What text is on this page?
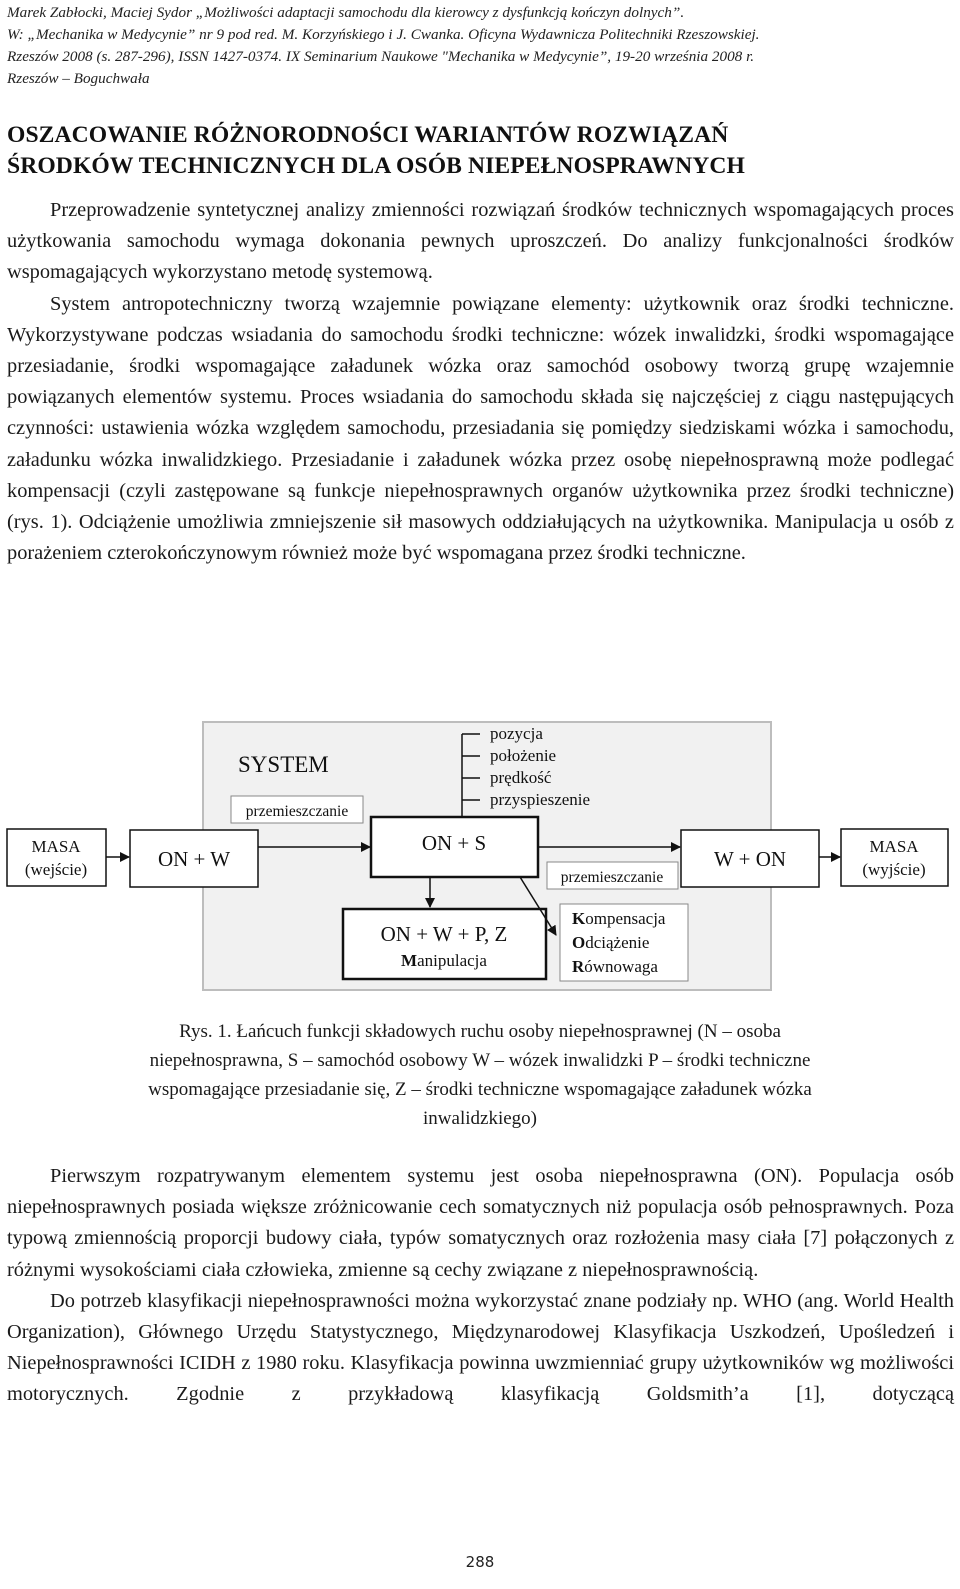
Marek Zabłocki, Maciej Sydor „Możliwości adaptacji samochodu dla kierowcy z dysfunkcją kończyn dolnych”.
W: „Mechanika w Medycynie” nr 9 pod red. M. Korzyńskiego i J. Cwanka. Oficyna Wydawnicza Politechniki Rzeszowskiej.
Rzeszów 2008 (s. 287-296), ISSN 1427-0374. IX Seminarium Naukowe "Mechanika w Medycynie”, 19-20 września 2008 r.
Rzeszów – Boguchwała
OSZACOWANIE RÓŻNORODNOŚCI WARIANTÓW ROZWIĄZAŃ
ŚRODKÓW TECHNICZNYCH DLA OSÓB NIEPEŁNOSPRAWNYCH
Przeprowadzenie syntetycznej analizy zmienności rozwiązań środków technicznych wspomagających proces użytkowania samochodu wymaga dokonania pewnych uproszczeń. Do analizy funkcjonalności środków wspomagających wykorzystano metodę systemową.
System antropotechniczny tworzą wzajemnie powiązane elementy: użytkownik oraz środki techniczne. Wykorzystywane podczas wsiadania do samochodu środki techniczne: wózek inwalidzki, środki wspomagające przesiadanie, środki wspomagające załadunek wózka oraz samochód osobowy tworzą grupę wzajemnie powiązanych elementów systemu. Proces wsiadania do samochodu składa się najczęściej z ciągu następujących czynności: ustawienia wózka względem samochodu, przesiadania się pomiędzy siedziskami wózka i samochodu, załadunku wózka inwalidzkiego. Przesiadanie i załadunek wózka przez osobę niepełnosprawną może podlegać kompensacji (czyli zastępowane są funkcje niepełnosprawnych organów użytkownika przez środki techniczne) (rys. 1). Odciążenie umożliwia zmniejszenie sił masowych oddziałujących na użytkownika. Manipulacja u osób z porażeniem czterokończynowym również może być wspomagana przez środki techniczne.
SYSTEM
przemieszczanie
MASA
(wejście)	ON + W
ON + S
W + ON
MASA
(wyjście)
przemieszczanie
pozycja
położenie
prędkość
przyspieszenie
ON + W + P, Z
Manipulacja
Kompensacja
Odciążenie
Równowaga
Rys. 1. Łańcuch funkcji składowych ruchu osoby niepełnosprawnej (N – osoba
niepełnosprawna, S – samochód osobowy W – wózek inwalidzki P – środki techniczne
wspomagające przesiadanie się, Z – środki techniczne wspomagające załadunek wózka
inwalidzkiego)
Pierwszym rozpatrywanym elementem systemu jest osoba niepełnosprawna (ON). Populacja osób niepełnosprawnych posiada większe zróżnicowanie cech somatycznych niż populacja osób pełnosprawnych. Poza typową zmiennością proporcji budowy ciała, typów somatycznych oraz rozłożenia masy ciała [7] połączonych z różnymi wysokościami ciała człowieka, zmienne są cechy związane z niepełnosprawnością.
Do potrzeb klasyfikacji niepełnosprawności można wykorzystać znane podziały np. WHO (ang. World Health Organization), Głównego Urzędu Statystycznego, Międzynarodowej Klasyfikacja Uszkodzeń, Upośledzeń i Niepełnosprawności ICIDH z 1980 roku. Klasyfikacja powinna uwzmienniać grupy użytkowników wg możliwości motorycznych. Zgodnie z przykładową klasyfikacją Goldsmith’a [1], dotyczącą
288
